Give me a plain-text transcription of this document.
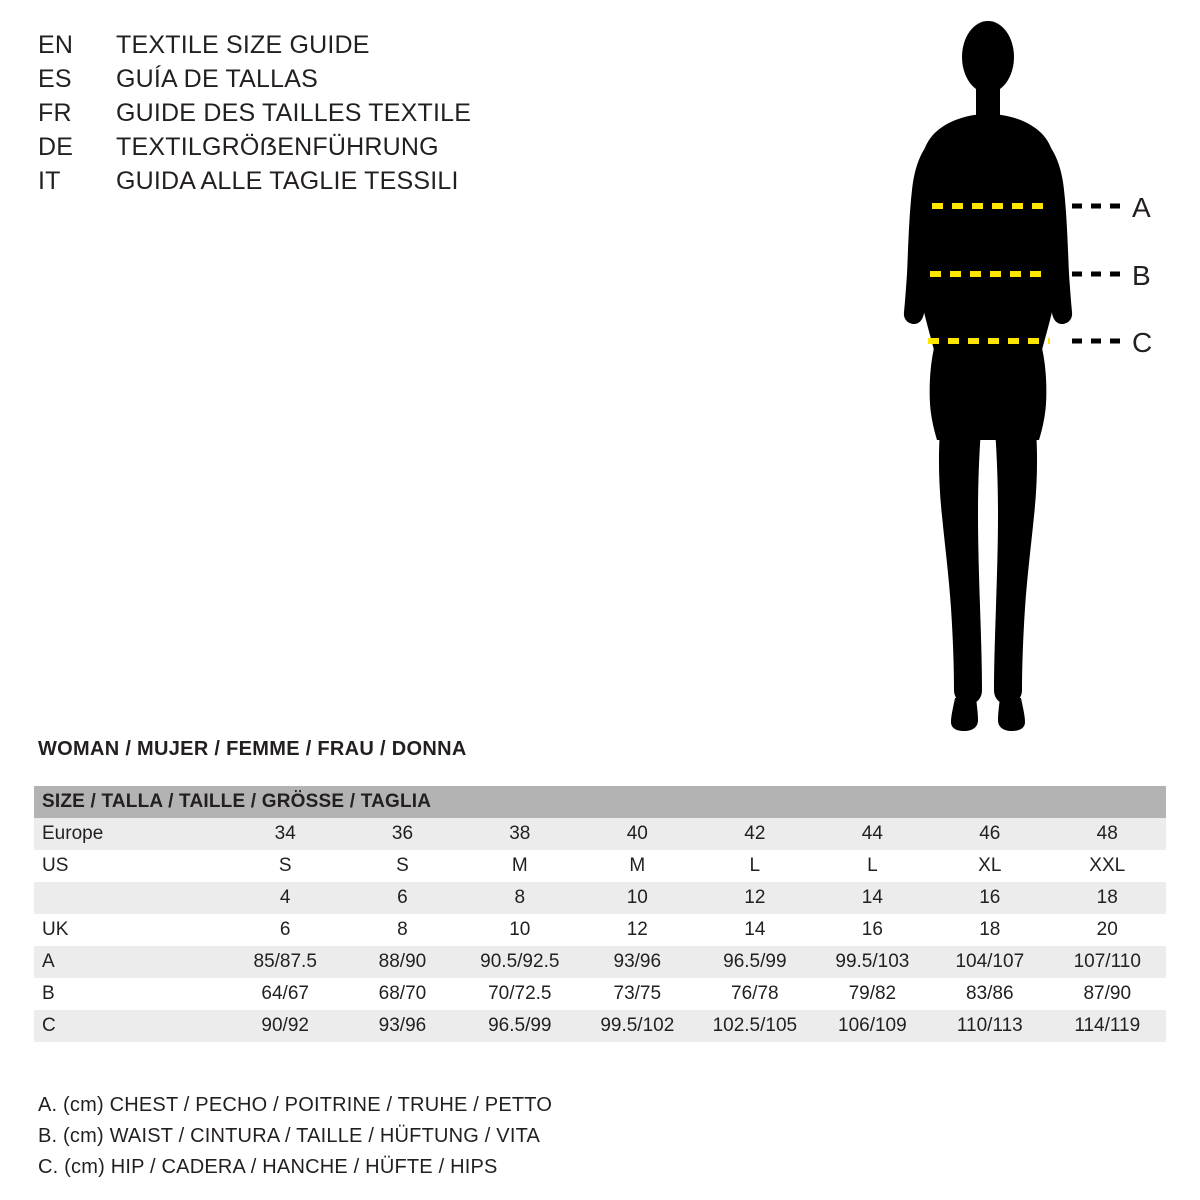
EN	TEXTILE SIZE GUIDE
ES	GUÍA DE TALLAS
FR	GUIDE DES TAILLES TEXTILE
DE	TEXTILGRÖẞENFÜHRUNG
IT	GUIDA ALLE TAGLIE TESSILI
A
B
C
WOMAN / MUJER / FEMME / FRAU / DONNA
SIZE / TALLA / TAILLE / GRÖSSE / TAGLIA								
Europe	34	36	38	40	42	44	46	48
US	S	S	M	M	L	L	XL	XXL
	4	6	8	10	12	14	16	18
UK	6	8	10	12	14	16	18	20
A	85/87.5	88/90	90.5/92.5	93/96	96.5/99	99.5/103	104/107	107/110
B	64/67	68/70	70/72.5	73/75	76/78	79/82	83/86	87/90
C	90/92	93/96	96.5/99	99.5/102	102.5/105	106/109	110/113	114/119
A. (cm) CHEST / PECHO / POITRINE / TRUHE / PETTO
B. (cm) WAIST / CINTURA / TAILLE / HÜFTUNG / VITA
C. (cm) HIP / CADERA / HANCHE / HÜFTE / HIPS
